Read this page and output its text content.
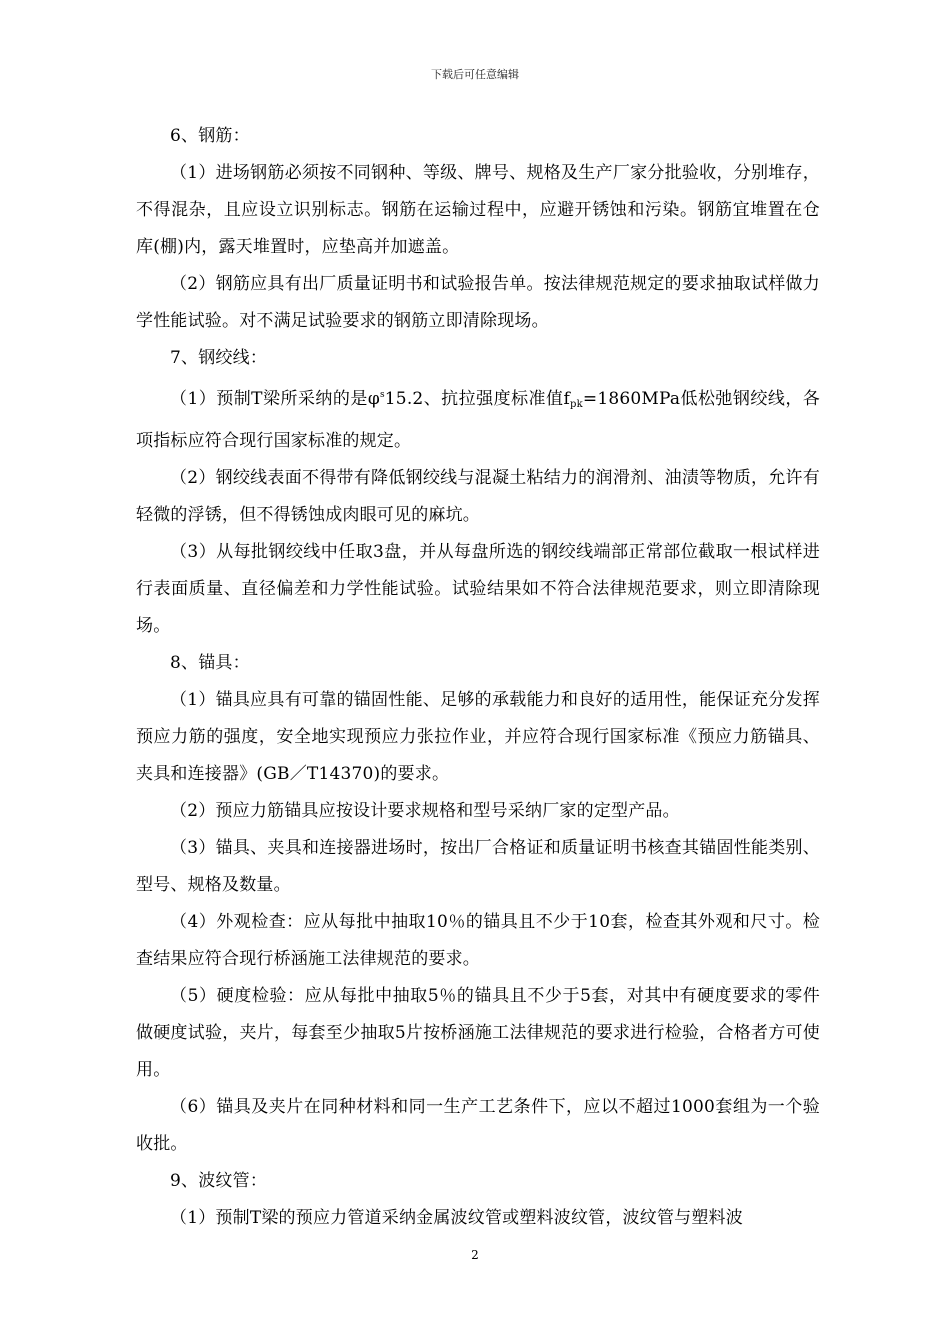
下载后可任意编辑

6、钢筋：

（1）进场钢筋必须按不同钢种、等级、牌号、规格及生产厂家分批验收，分别堆存，不得混杂，且应设立识别标志。钢筋在运输过程中，应避开锈蚀和污染。钢筋宜堆置在仓库(棚)内，露天堆置时，应垫高并加遮盖。

（2）钢筋应具有出厂质量证明书和试验报告单。按法律规范规定的要求抽取试样做力学性能试验。对不满足试验要求的钢筋立即清除现场。

7、钢绞线：

（1）预制T梁所采纳的是$\varphi^s15.2$、抗拉强度标准值$f_{pk}=1860MPa$低松弛钢绞线，各项指标应符合现行国家标准的规定。

（2）钢绞线表面不得带有降低钢绞线与混凝土粘结力的润滑剂、油渍等物质，允许有轻微的浮锈，但不得锈蚀成肉眼可见的麻坑。

（3）从每批钢绞线中任取3盘，并从每盘所选的钢绞线端部正常部位截取一根试样进行表面质量、直径偏差和力学性能试验。试验结果如不符合法律规范要求，则立即清除现场。

8、锚具：

（1）锚具应具有可靠的锚固性能、足够的承载能力和良好的适用性，能保证充分发挥预应力筋的强度，安全地实现预应力张拉作业，并应符合现行国家标准《预应力筋锚具、夹具和连接器》(GB／T14370)的要求。

（2）预应力筋锚具应按设计要求规格和型号采纳厂家的定型产品。

（3）锚具、夹具和连接器进场时，按出厂合格证和质量证明书核查其锚固性能类别、型号、规格及数量。

（4）外观检查：应从每批中抽取10％的锚具且不少于10套，检查其外观和尺寸。检查结果应符合现行桥涵施工法律规范的要求。

（5）硬度检验：应从每批中抽取5％的锚具且不少于5套，对其中有硬度要求的零件做硬度试验，夹片，每套至少抽取5片按桥涵施工法律规范的要求进行检验，合格者方可使用。

（6）锚具及夹片在同种材料和同一生产工艺条件下，应以不超过1000套组为一个验收批。

9、波纹管：

（1）预制T梁的预应力管道采纳金属波纹管或塑料波纹管，波纹管与塑料波

2
